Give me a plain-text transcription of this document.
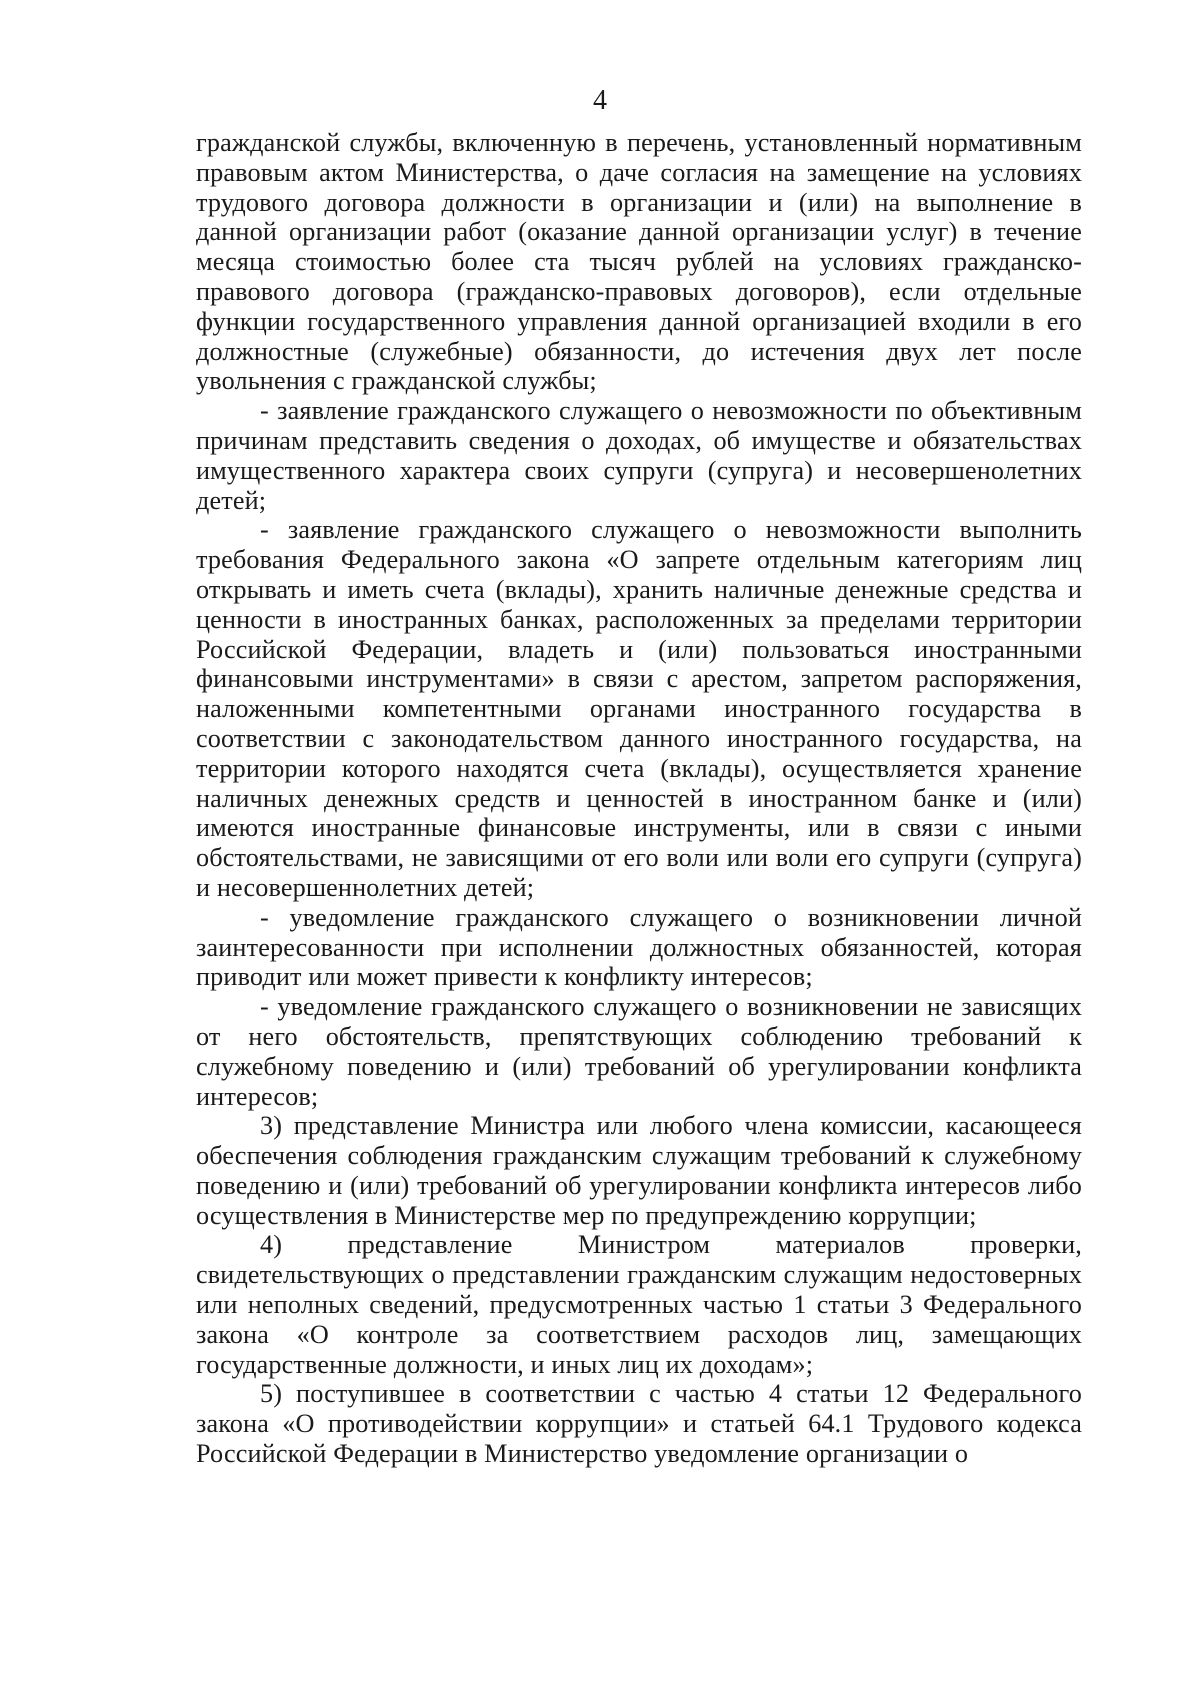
4

гражданской службы, включенную в перечень, установленный нормативным правовым актом Министерства, о даче согласия на замещение на условиях трудового договора должности в организации и (или) на выполнение в данной организации работ (оказание данной организации услуг) в течение месяца стоимостью более ста тысяч рублей на условиях гражданско-правового договора (гражданско-правовых договоров), если отдельные функции государственного управления данной организацией входили в его должностные (служебные) обязанности, до истечения двух лет после увольнения с гражданской службы;

- заявление гражданского служащего о невозможности по объективным причинам представить сведения о доходах, об имуществе и обязательствах имущественного характера своих супруги (супруга) и несовершенолетних детей;

- заявление гражданского служащего о невозможности выполнить требования Федерального закона «О запрете отдельным категориям лиц открывать и иметь счета (вклады), хранить наличные денежные средства и ценности в иностранных банках, расположенных за пределами территории Российской Федерации, владеть и (или) пользоваться иностранными финансовыми инструментами» в связи с арестом, запретом распоряжения, наложенными компетентными органами иностранного государства в соответствии с законодательством данного иностранного государства, на территории которого находятся счета (вклады), осуществляется хранение наличных денежных средств и ценностей в иностранном банке и (или) имеются иностранные финансовые инструменты, или в связи с иными обстоятельствами, не зависящими от его воли или воли его супруги (супруга) и несовершеннолетних детей;

- уведомление гражданского служащего о возникновении личной заинтересованности при исполнении должностных обязанностей, которая приводит или может привести к конфликту интересов;

- уведомление гражданского служащего о возникновении не зависящих от него обстоятельств, препятствующих соблюдению требований к служебному поведению и (или) требований об урегулировании конфликта интересов;

3) представление Министра или любого члена комиссии, касающееся обеспечения соблюдения гражданским служащим требований к служебному поведению и (или) требований об урегулировании конфликта интересов либо осуществления в Министерстве мер по предупреждению коррупции;

4) представление Министром материалов проверки, свидетельствующих о представлении гражданским служащим недостоверных или неполных сведений, предусмотренных частью 1 статьи 3 Федерального закона «О контроле за соответствием расходов лиц, замещающих государственные должности, и иных лиц их доходам»;

5) поступившее в соответствии с частью 4 статьи 12 Федерального закона «О противодействии коррупции» и статьей 64.1 Трудового кодекса Российской Федерации в Министерство уведомление организации о
